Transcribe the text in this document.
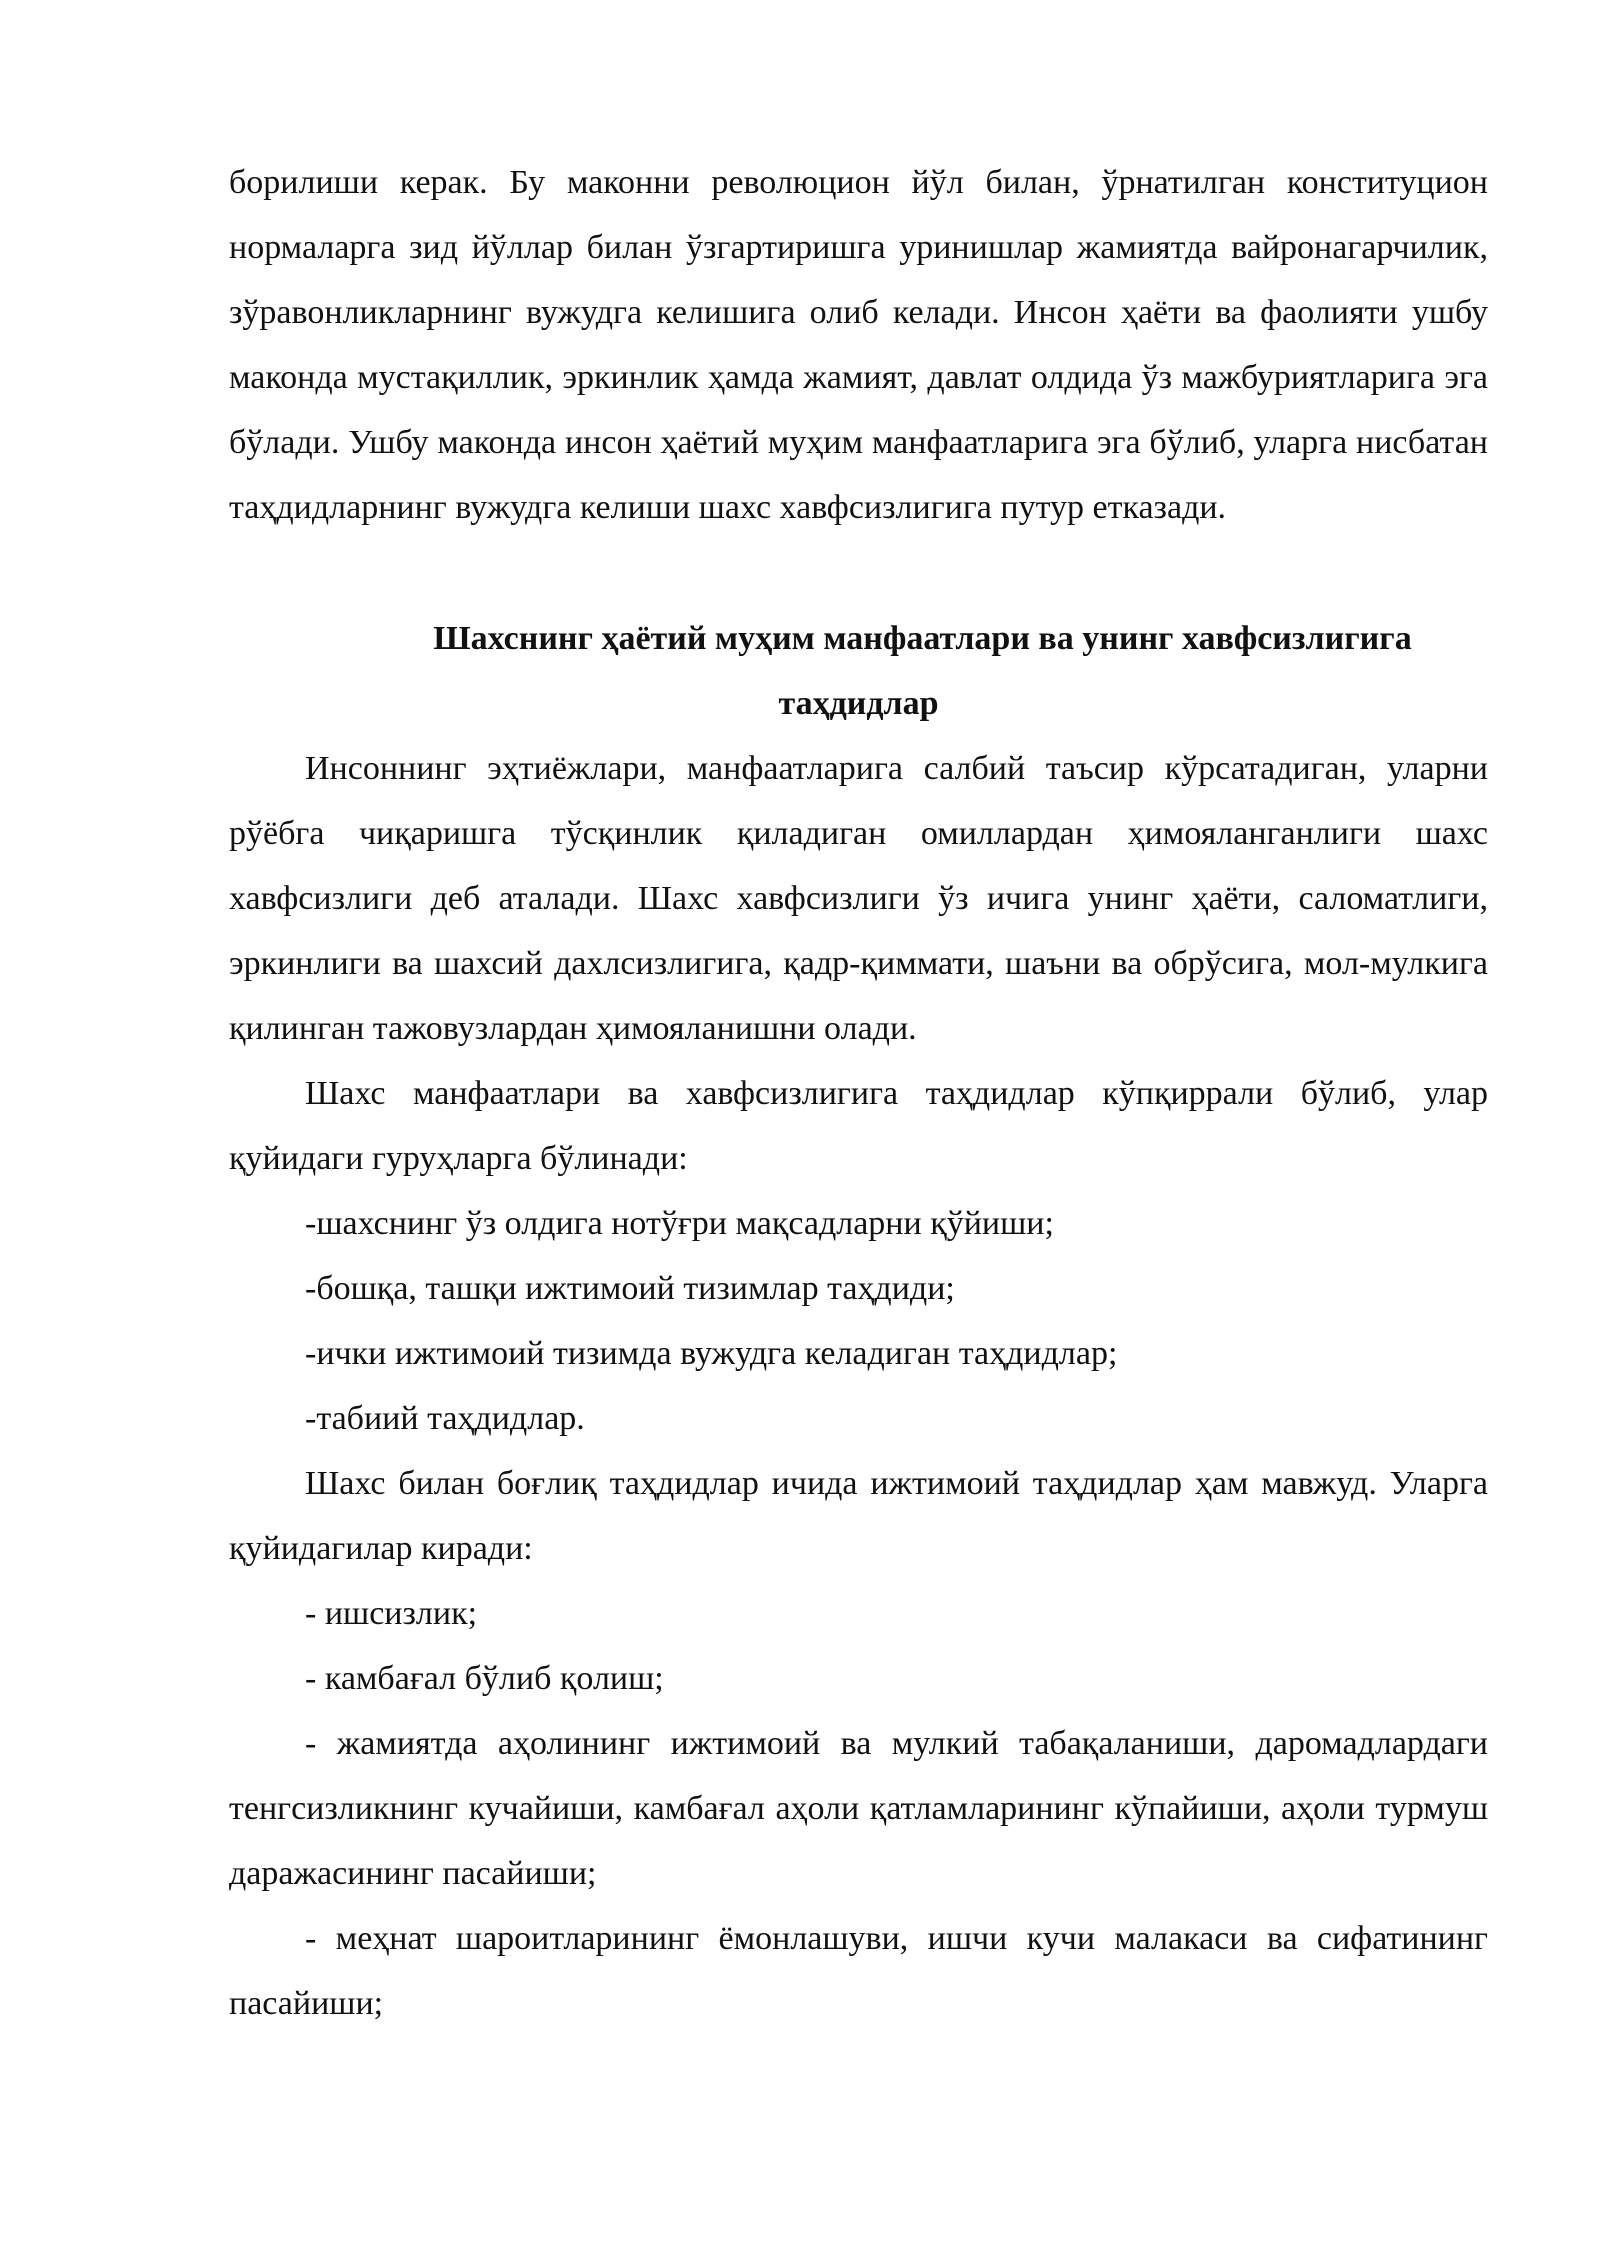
борилиши керак. Бу маконни революцион йўл билан, ўрнатилган конституцион нормаларга зид йўллар билан ўзгартиришга уринишлар жамиятда вайронагарчилик, зўравонликларнинг вужудга келишига олиб келади. Инсон ҳаёти ва фаолияти ушбу маконда мустақиллик, эркинлик ҳамда жамият, давлат олдида ўз мажбуриятларига эга бўлади. Ушбу маконда инсон ҳаётий муҳим манфаатларига эга бўлиб, уларга нисбатан таҳдидларнинг вужудга келиши шахс хавфсизлигига путур етказади.

Шахснинг ҳаётий муҳим манфаатлари ва унинг хавфсизлигига
таҳдидлар

Инсоннинг эҳтиёжлари, манфаатларига салбий таъсир кўрсатадиган, уларни рўёбга чиқаришга тўсқинлик қиладиган омиллардан ҳимояланганлиги шахс хавфсизлиги деб аталади. Шахс хавфсизлиги ўз ичига унинг ҳаёти, саломатлиги, эркинлиги ва шахсий дахлсизлигига, қадр-қиммати, шаъни ва обрўсига, мол-мулкига қилинган тажовузлардан ҳимояланишни олади.

Шахс манфаатлари ва хавфсизлигига таҳдидлар кўпқиррали бўлиб, улар қуйидаги гуруҳларга бўлинади:

-шахснинг ўз олдига нотўғри мақсадларни қўйиши;

-бошқа, ташқи ижтимоий тизимлар таҳдиди;

-ички ижтимоий тизимда вужудга келадиган таҳдидлар;

-табиий таҳдидлар.

Шахс билан боғлиқ таҳдидлар ичида ижтимоий таҳдидлар ҳам мавжуд. Уларга қуйидагилар киради:

- ишсизлик;

- камбағал бўлиб қолиш;

- жамиятда аҳолининг ижтимоий ва мулкий табақаланиши, даромадлардаги тенгсизликнинг кучайиши, камбағал аҳоли қатламларининг кўпайиши, аҳоли турмуш даражасининг пасайиши;

- меҳнат шароитларининг ёмонлашуви, ишчи кучи малакаси ва сифатининг пасайиши;
